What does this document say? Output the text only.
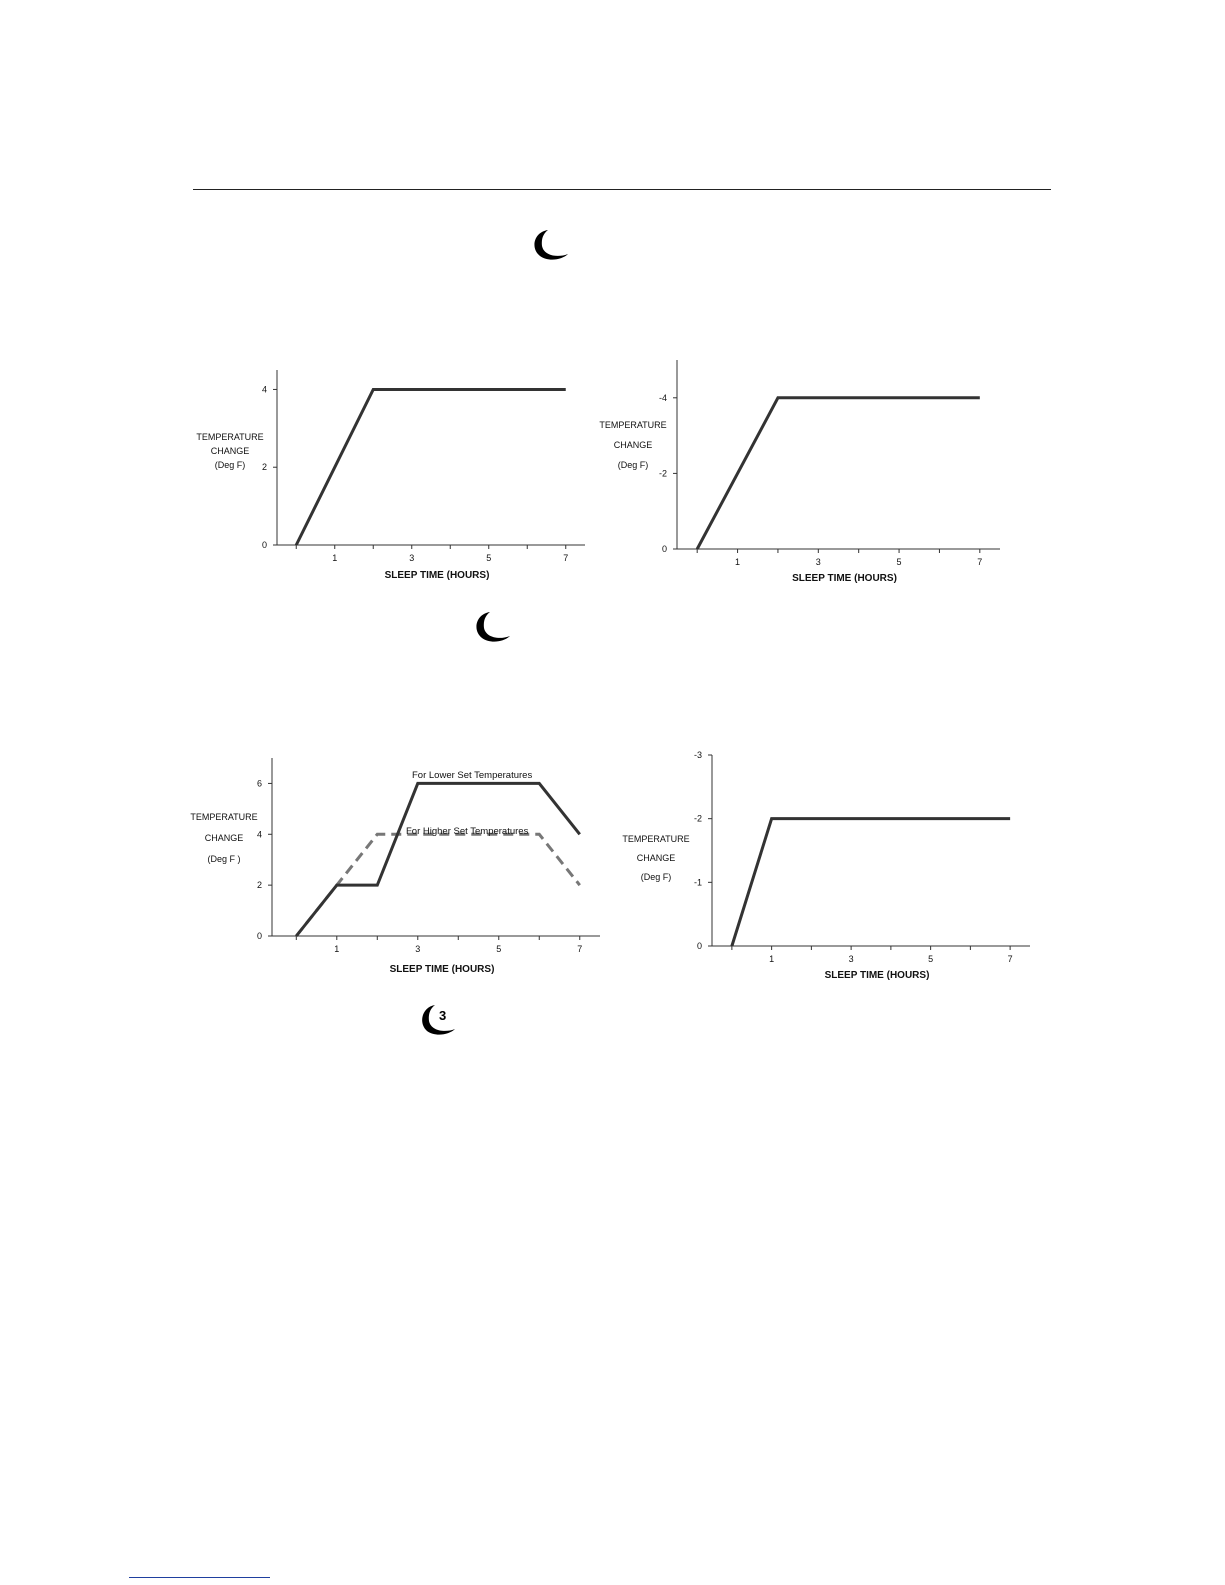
3
1	3	5	7
0
2
4
TEMPERATURE
CHANGE
(Deg F)
SLEEP TIME (HOURS)
1	3	5	7
0
-2
-4
TEMPERATURE
CHANGE
(Deg F)
SLEEP TIME (HOURS)
1	3	5	7
0
2
4
6
TEMPERATURE
CHANGE
(Deg F )
SLEEP TIME (HOURS)
For Lower Set Temperatures
For Higher Set Temperatures
1	3	5	7
0
-1
-2
-3
TEMPERATURE
CHANGE
(Deg F)
SLEEP TIME (HOURS)
